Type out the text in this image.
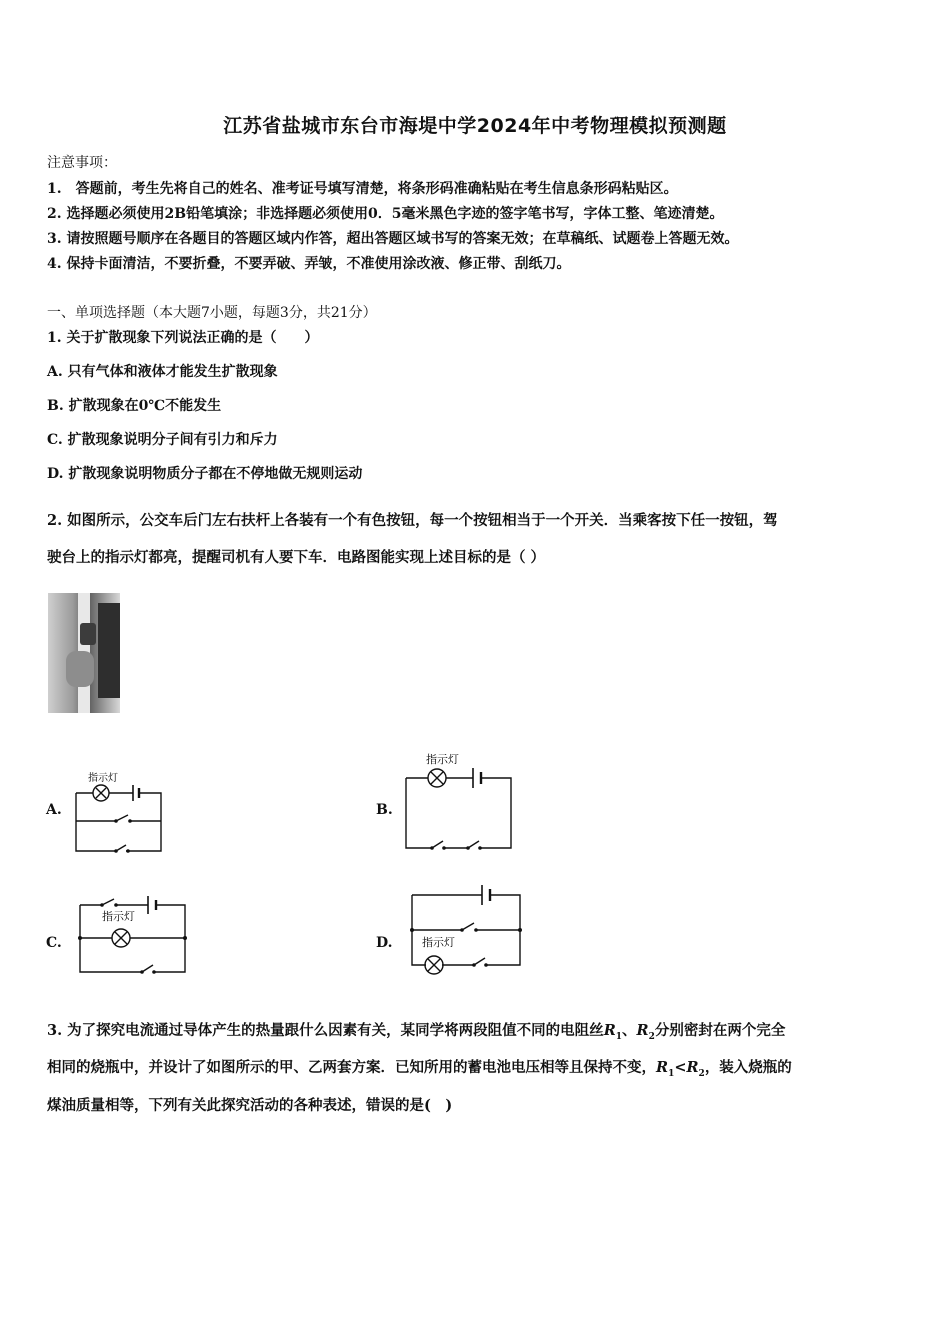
江苏省盐城市东台市海堤中学2024年中考物理模拟预测题
注意事项：
1.　答题前，考生先将自己的姓名、准考证号填写清楚，将条形码准确粘贴在考生信息条形码粘贴区。
2. 选择题必须使用2B铅笔填涂；非选择题必须使用0．5毫米黑色字迹的签字笔书写，字体工整、笔迹清楚。
3. 请按照题号顺序在各题目的答题区域内作答，超出答题区域书写的答案无效；在草稿纸、试题卷上答题无效。
4. 保持卡面清洁，不要折叠，不要弄破、弄皱，不准使用涂改液、修正带、刮纸刀。
一、单项选择题（本大题7小题，每题3分，共21分）
1. 关于扩散现象下列说法正确的是（　　）
A. 只有气体和液体才能发生扩散现象
B. 扩散现象在0℃不能发生
C. 扩散现象说明分子间有引力和斥力
D. 扩散现象说明物质分子都在不停地做无规则运动
2. 如图所示，公交车后门左右扶杆上各装有一个有色按钮，每一个按钮相当于一个开关．当乘客按下任一按钮，驾
驶台上的指示灯都亮，提醒司机有人要下车．电路图能实现上述目标的是（ ）
A.
指示灯
B.
指示灯
C.
指示灯
D.	指示灯
3. 为了探究电流通过导体产生的热量跟什么因素有关，某同学将两段阻值不同的电阻丝$R_1$、$R_2$分别密封在两个完全
相同的烧瓶中，并设计了如图所示的甲、乙两套方案．已知所用的蓄电池电压相等且保持不变，$R_1<R_2$，装入烧瓶的
煤油质量相等，下列有关此探究活动的各种表述，错误的是(　)
